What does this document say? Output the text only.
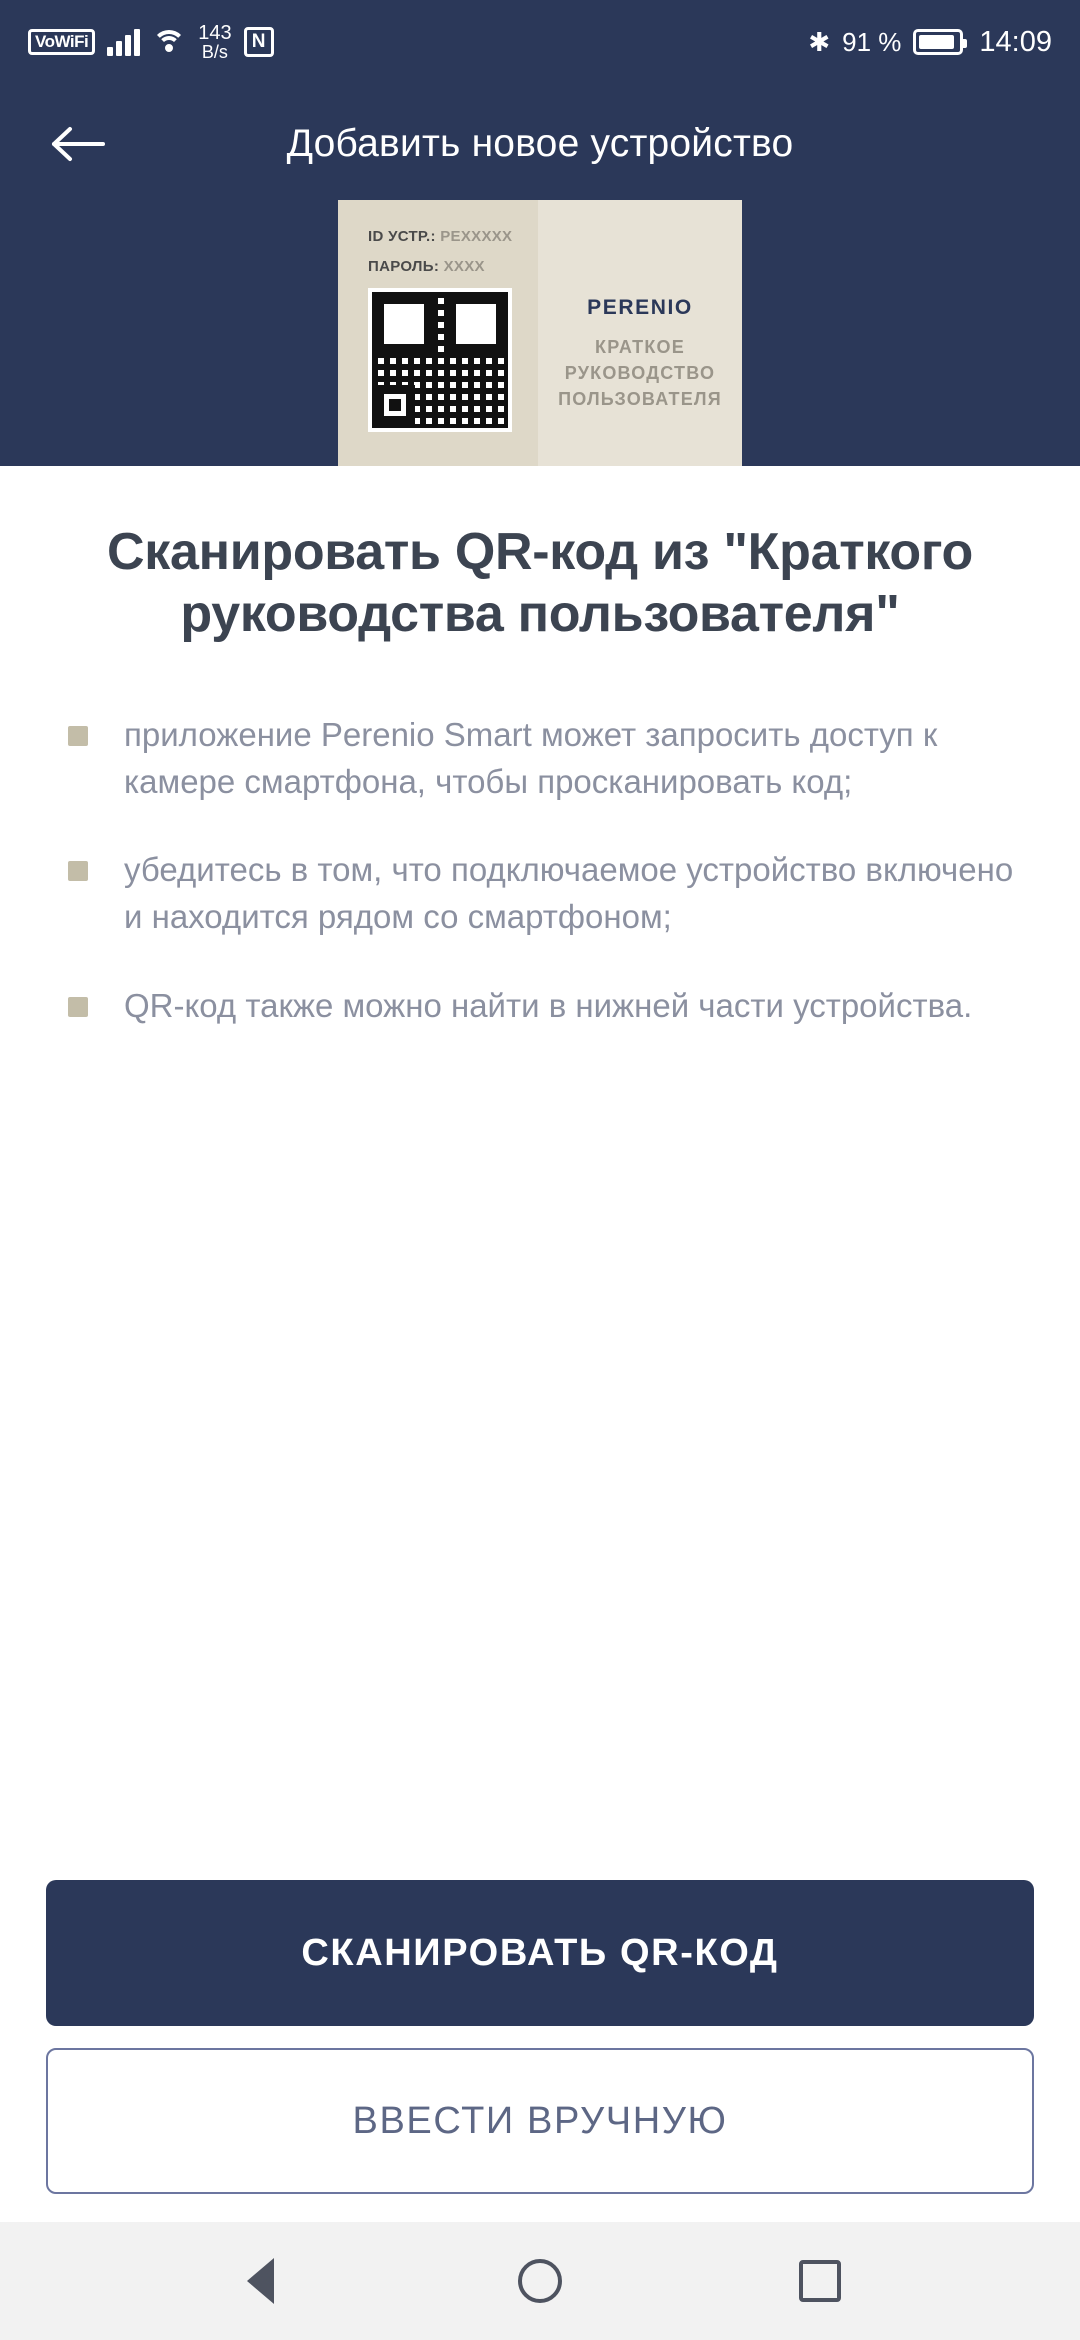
VoWiFi	143
B/s
N	✱ 91 %	14:09
Добавить новое устройство
ID УСТР.: PEXXXXX
ПАРОЛЬ: XXXX
PERENIO
КРАТКОЕ
РУКОВОДСТВО
ПОЛЬЗОВАТЕЛЯ
Сканировать QR-код из "Краткого руководства пользователя"
приложение Perenio Smart может запросить доступ к камере смартфона, чтобы просканировать код;
убедитесь в том, что подключаемое устройство включено и находится рядом со смартфоном;
QR-код также можно найти в нижней части устройства.
СКАНИРОВАТЬ QR-КОД
ВВЕСТИ ВРУЧНУЮ
